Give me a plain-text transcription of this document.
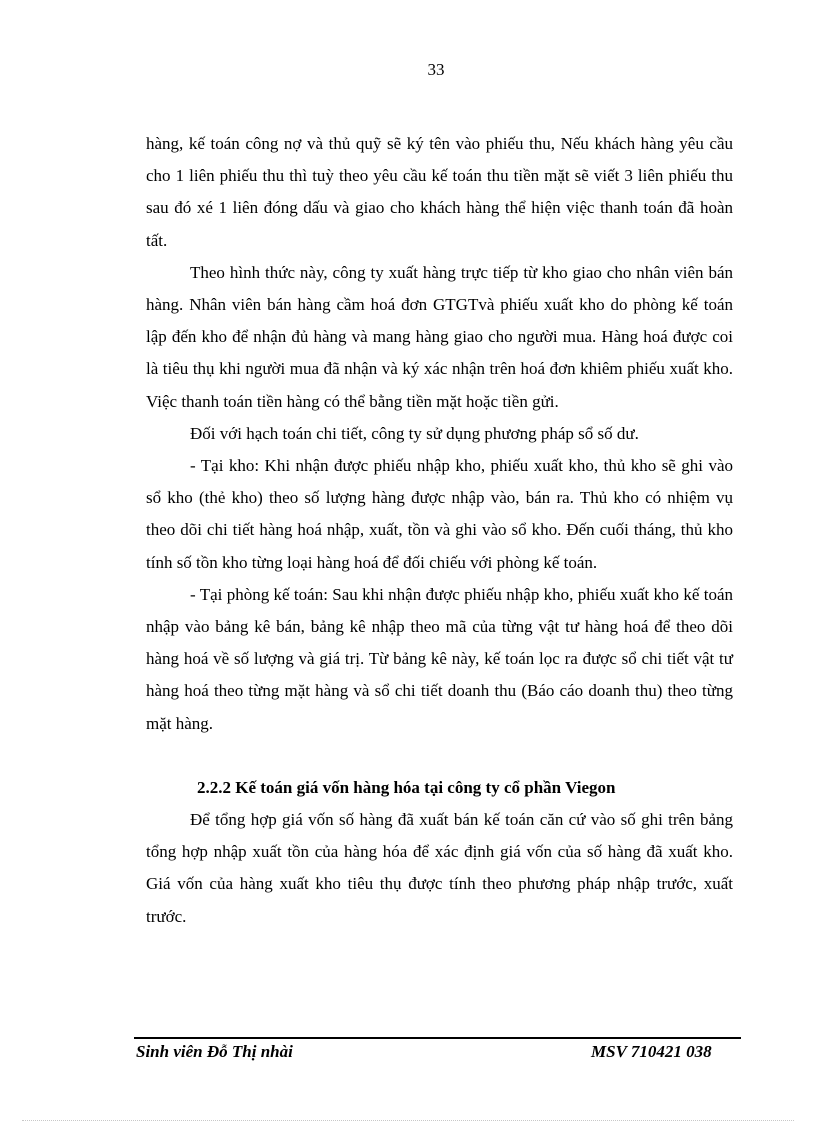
33

hàng, kế toán công nợ và thủ quỹ sẽ ký tên vào phiếu thu, Nếu khách hàng yêu cầu cho 1 liên phiếu thu thì tuỳ theo yêu cầu kế toán thu tiền mặt sẽ viết 3 liên phiếu thu sau đó xé 1 liên đóng dấu và giao cho khách hàng thể hiện việc thanh toán đã hoàn tất.

Theo hình thức này, công ty xuất hàng trực tiếp từ kho giao cho nhân viên bán hàng. Nhân viên bán hàng cầm hoá đơn GTGTvà phiếu xuất kho do phòng kế toán lập đến kho để nhận đủ hàng và mang hàng giao cho người mua. Hàng hoá được coi là tiêu thụ khi người mua đã nhận và ký xác nhận trên hoá đơn khiêm phiếu xuất kho. Việc thanh toán tiền hàng có thể bằng tiền mặt hoặc tiền gửi.

Đối với hạch toán chi tiết, công ty sử dụng phương pháp sổ số dư.

- Tại kho: Khi nhận được phiếu nhập kho, phiếu xuất kho, thủ kho sẽ ghi vào sổ kho (thẻ kho) theo số lượng hàng được nhập vào, bán ra. Thủ kho có nhiệm vụ theo dõi chi tiết hàng hoá nhập, xuất, tồn và ghi vào sổ kho. Đến cuối tháng, thủ kho tính số tồn kho từng loại hàng hoá để đối chiếu với phòng kế toán.

- Tại phòng kế toán: Sau khi nhận được phiếu nhập kho, phiếu xuất kho kế toán nhập vào bảng kê bán, bảng kê nhập theo mã của từng vật tư hàng hoá để theo dõi hàng hoá về số lượng và giá trị. Từ bảng kê này, kế toán lọc ra được sổ chi tiết vật tư hàng hoá theo từng mặt hàng và sổ chi tiết doanh thu (Báo cáo doanh thu) theo từng mặt hàng.

2.2.2 Kế toán giá vốn hàng hóa tại công ty cổ phần Viegon

Để tổng hợp giá vốn số hàng đã xuất bán kế toán căn cứ vào số ghi trên bảng tổng hợp nhập xuất tồn của hàng hóa để xác định giá vốn của số hàng đã xuất kho. Giá vốn của hàng xuất kho tiêu thụ được tính theo phương pháp nhập trước, xuất trước.

Sinh viên Đỗ Thị nhài	MSV 710421 038
